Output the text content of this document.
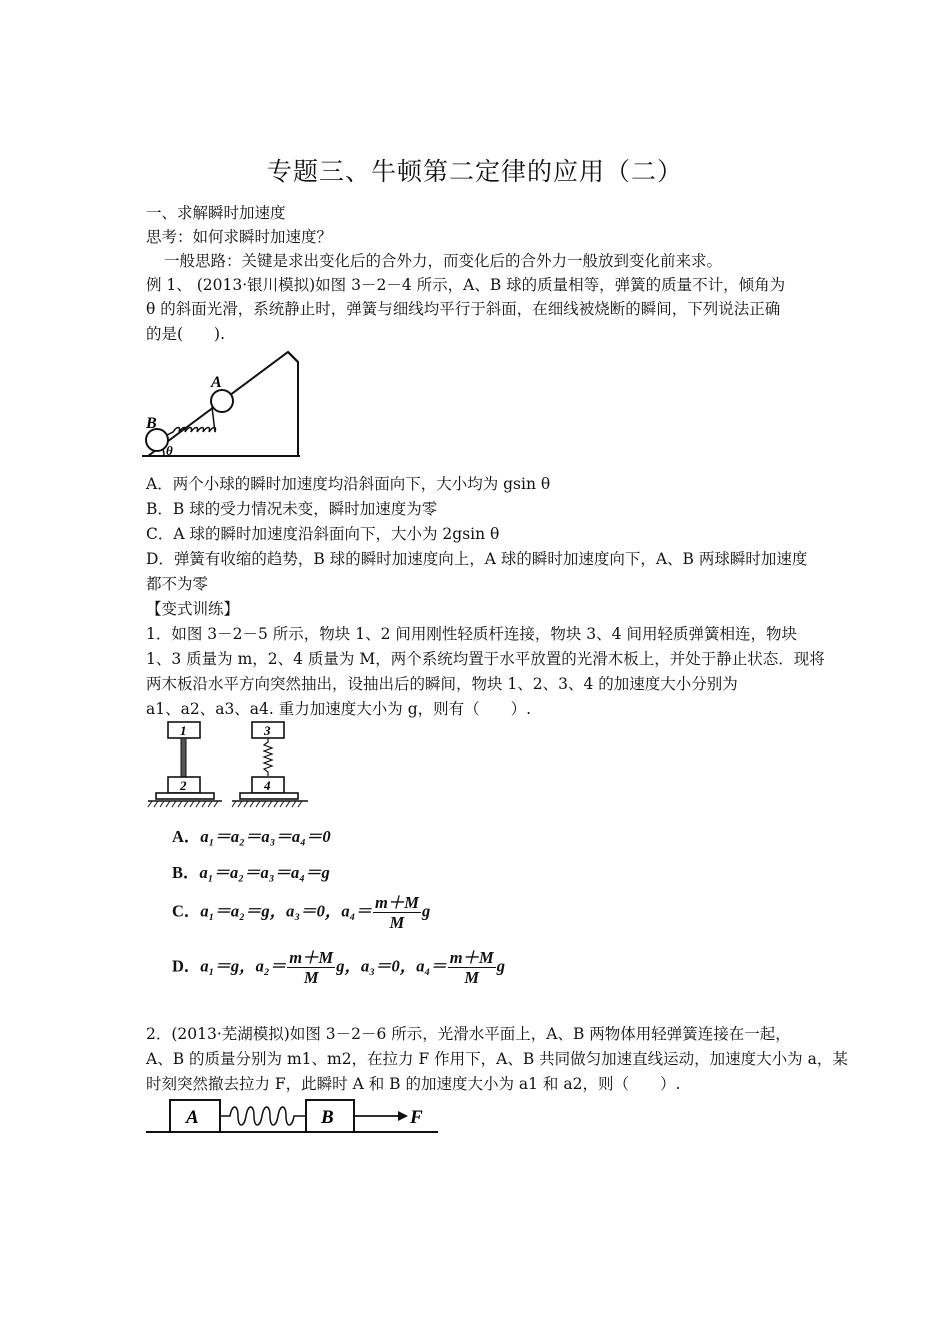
专题三、牛顿第二定律的应用（二）
一、求解瞬时加速度
思考：如何求瞬时加速度？
一般思路：关键是求出变化后的合外力，而变化后的合外力一般放到变化前来求。
例 1、 (2013·银川模拟)如图 3－2－4 所示，A、B 球的质量相等，弹簧的质量不计，倾角为
θ 的斜面光滑，系统静止时，弹簧与细线均平行于斜面，在细线被烧断的瞬间，下列说法正确
的是(　　).
A
B
θ
A．两个小球的瞬时加速度均沿斜面向下，大小均为 gsin θ
B．B 球的受力情况未变，瞬时加速度为零
C．A 球的瞬时加速度沿斜面向下，大小为 2gsin θ
D．弹簧有收缩的趋势，B 球的瞬时加速度向上，A 球的瞬时加速度向下，A、B 两球瞬时加速度
都不为零
【变式训练】
1．如图 3－2－5 所示，物块 1、2 间用刚性轻质杆连接，物块 3、4 间用轻质弹簧相连，物块
1、3 质量为 m，2、4 质量为 M，两个系统均置于水平放置的光滑木板上，并处于静止状态．现将
两木板沿水平方向突然抽出，设抽出后的瞬间，物块 1、2、3、4 的加速度大小分别为
a1、a2、a3、a4. 重力加速度大小为 g，则有（　　）.
1
2
3
4
A．a₁＝a₂＝a₃＝a₄＝0
B．a₁＝a₂＝a₃＝a₄＝g
C．a₁＝a₂＝g，a₃＝0，$a_4= \frac{m+M}{M}$ g
D．a₁＝g，$a_2= \frac{m+M}{M}$ g，a₃＝0，$a_4= \frac{m+M}{M}$ g
2．(2013·芜湖模拟)如图 3－2－6 所示，光滑水平面上，A、B 两物体用轻弹簧连接在一起，
A、B 的质量分别为 m1、m2，在拉力 F 作用下，A、B 共同做匀加速直线运动，加速度大小为 a，某
时刻突然撤去拉力 F，此瞬时 A 和 B 的加速度大小为 a1 和 a2，则（　　）.
A	B	F
